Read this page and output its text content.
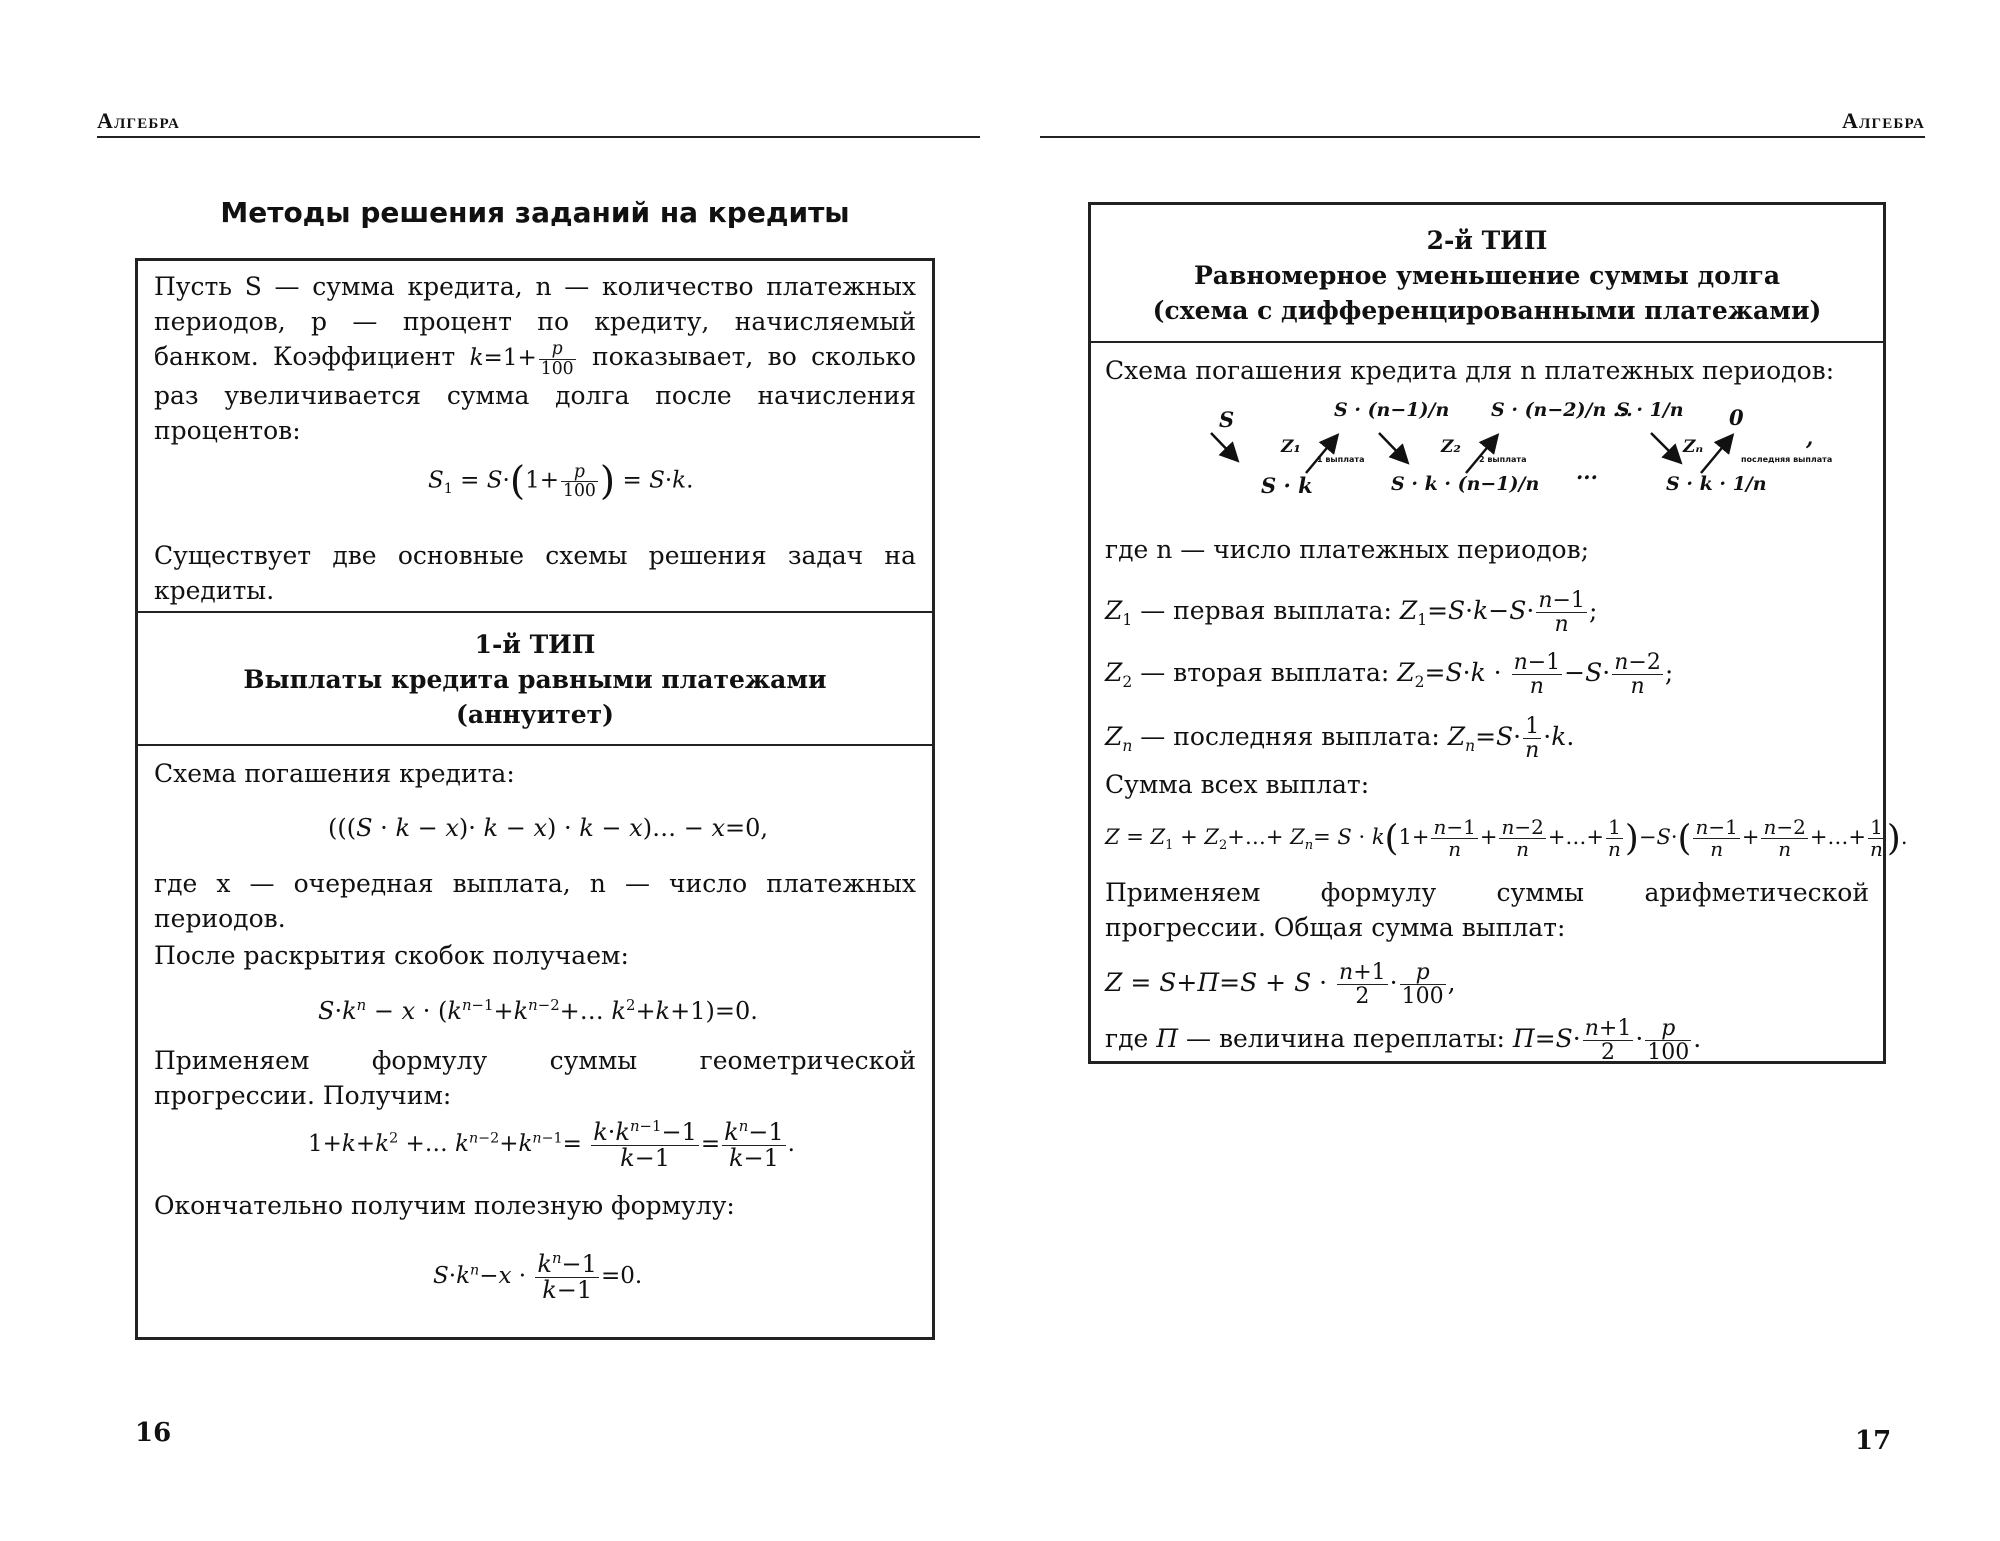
Алгебра
Методы решения заданий на кредиты

Пусть S — сумма кредита, n — количество платежных периодов, p — процент по кредиту, начисляемый банком. Коэффициент $k=1+ \frac{p}{100}$ показывает, во сколько раз увеличивается сумма долга после начисления процентов:

$S_1 = S\cdot(1+ \frac{p}{100}$ ) = S·k.

Существует две основные схемы решения задач на кредиты.

1-й ТИП
Выплаты кредита равными платежами
(аннуитет)
Схема погашения кредита:
(((S · k − x)· k − x) · k − x)… − x=0,

где x — очередная выплата, n — число платежных периодов.

После раскрытия скобок получаем:
$S\cdot k^n - x$ · ($k^{n-1}+k^{n-2}+\dots$ $k^2+k+1)=0$.

Применяем формулу суммы геометрической прогрессии. Получим:

$1+k+k^2$ +… $k^{n-2}+k^{n-1}= \frac{k\cdot k^{n-1}-1}{k-1} = \frac{k^n-1}{k-1}$ .
Окончательно получим полезную формулу:
$S\cdot k^n-x \cdot \frac{k^n-1}{k-1} =0$.
16
Алгебра
2-й ТИП
Равномерное уменьшение суммы долга
(схема с дифференцированными платежами)
Схема погашения кредита для n платежных периодов:
S	S · (n−1)/n S · (n−2)/n ...
S · 1/n 0
S · k	S · k · (n−1)/n ...	S · k · 1/n
Z₁	Z₂	Zₙ
1 выплата	2 выплата	последняя выплата
,
где n — число платежных периодов;
$Z_1$ — первая выплата: $Z_1=S\cdot k-S\cdot \frac{n-1}{n}$ ;
$Z_2$ — вторая выплата: $Z_2=S\cdot k \cdot \frac{n-1}{n} -S\cdot \frac{n-2}{n}$ ;
$Z_n$ — последняя выплата: $Z_n=S\cdot \frac{1}{n} \cdot k$.
Сумма всех выплат:
$Z = Z_1$ + $Z_2+\dots+ Z_n= S \cdot k(1+ \frac{n-1}{n} + \frac{n-2}{n}$ +…+ $\frac{1}{n} )-S\cdot( \frac{n-1}{n} + \frac{n-2}{n}$ +…+ $\frac{1}{n}$ ).

Применяем формулу суммы арифметической прогрессии. Общая сумма выплат:

$Z = S+П=S + S \cdot \frac{n+1}{2} \cdot \frac{p}{100}$ ,
где П — величина переплаты: $П=S\cdot \frac{n+1}{2} \cdot \frac{p}{100}$ .
17
